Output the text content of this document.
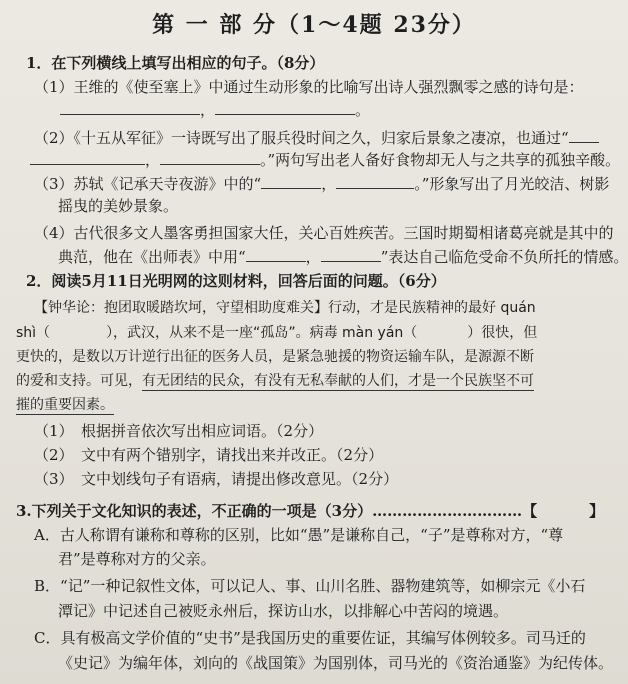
第 一 部 分（1～4题 23分）
1．在下列横线上填写出相应的句子。（8分）
（1）王维的《使至塞上》中通过生动形象的比喻写出诗人强烈飘零之感的诗句是：
，	。
（2）《十五从军征》一诗既写出了服兵役时间之久，归家后景象之凄凉，也通过“
，	。”两句写出老人备好食物却无人与之共享的孤独辛酸。
（3）苏轼《记承天寺夜游》中的“	，	。”形象写出了月光皎洁、树影
摇曳的美妙景象。
（4）古代很多文人墨客勇担国家大任，关心百姓疾苦。三国时期蜀相诸葛亮就是其中的
典范，他在《出师表》中用“	，	”表达自己临危受命不负所托的情感。
2．阅读5月11日光明网的这则材料，回答后面的问题。（6分）
【钟华论：抱团取暖踏坎坷，守望相助度难关】行动，才是民族精神的最好 quán
shì（	），武汉，从来不是一座“孤岛”。病毒 màn yán（	）很快，但
更快的，是数以万计逆行出征的医务人员，是紧急驰援的物资运输车队，是源源不断
的爱和支持。可见，有无团结的民众，有没有无私奉献的人们，才是一个民族坚不可
摧的重要因素。
（1）　根据拼音依次写出相应词语。（2分）
（2）　文中有两个错别字，请找出来并改正。（2分）
（3）　文中划线句子有语病，请提出修改意见。（2分）
3.下列关于文化知识的表述，不正确的一项是（3分）…………………………【	】
A．古人称谓有谦称和尊称的区别，比如“愚”是谦称自己，“子”是尊称对方，“尊
君”是尊称对方的父亲。
B．“记”一种记叙性文体，可以记人、事、山川名胜、器物建筑等，如柳宗元《小石
潭记》中记述自己被贬永州后，探访山水，以排解心中苦闷的境遇。
C．具有极高文学价值的“史书”是我国历史的重要佐证，其编写体例较多。司马迁的
《史记》为编年体，刘向的《战国策》为国别体，司马光的《资治通鉴》为纪传体。
